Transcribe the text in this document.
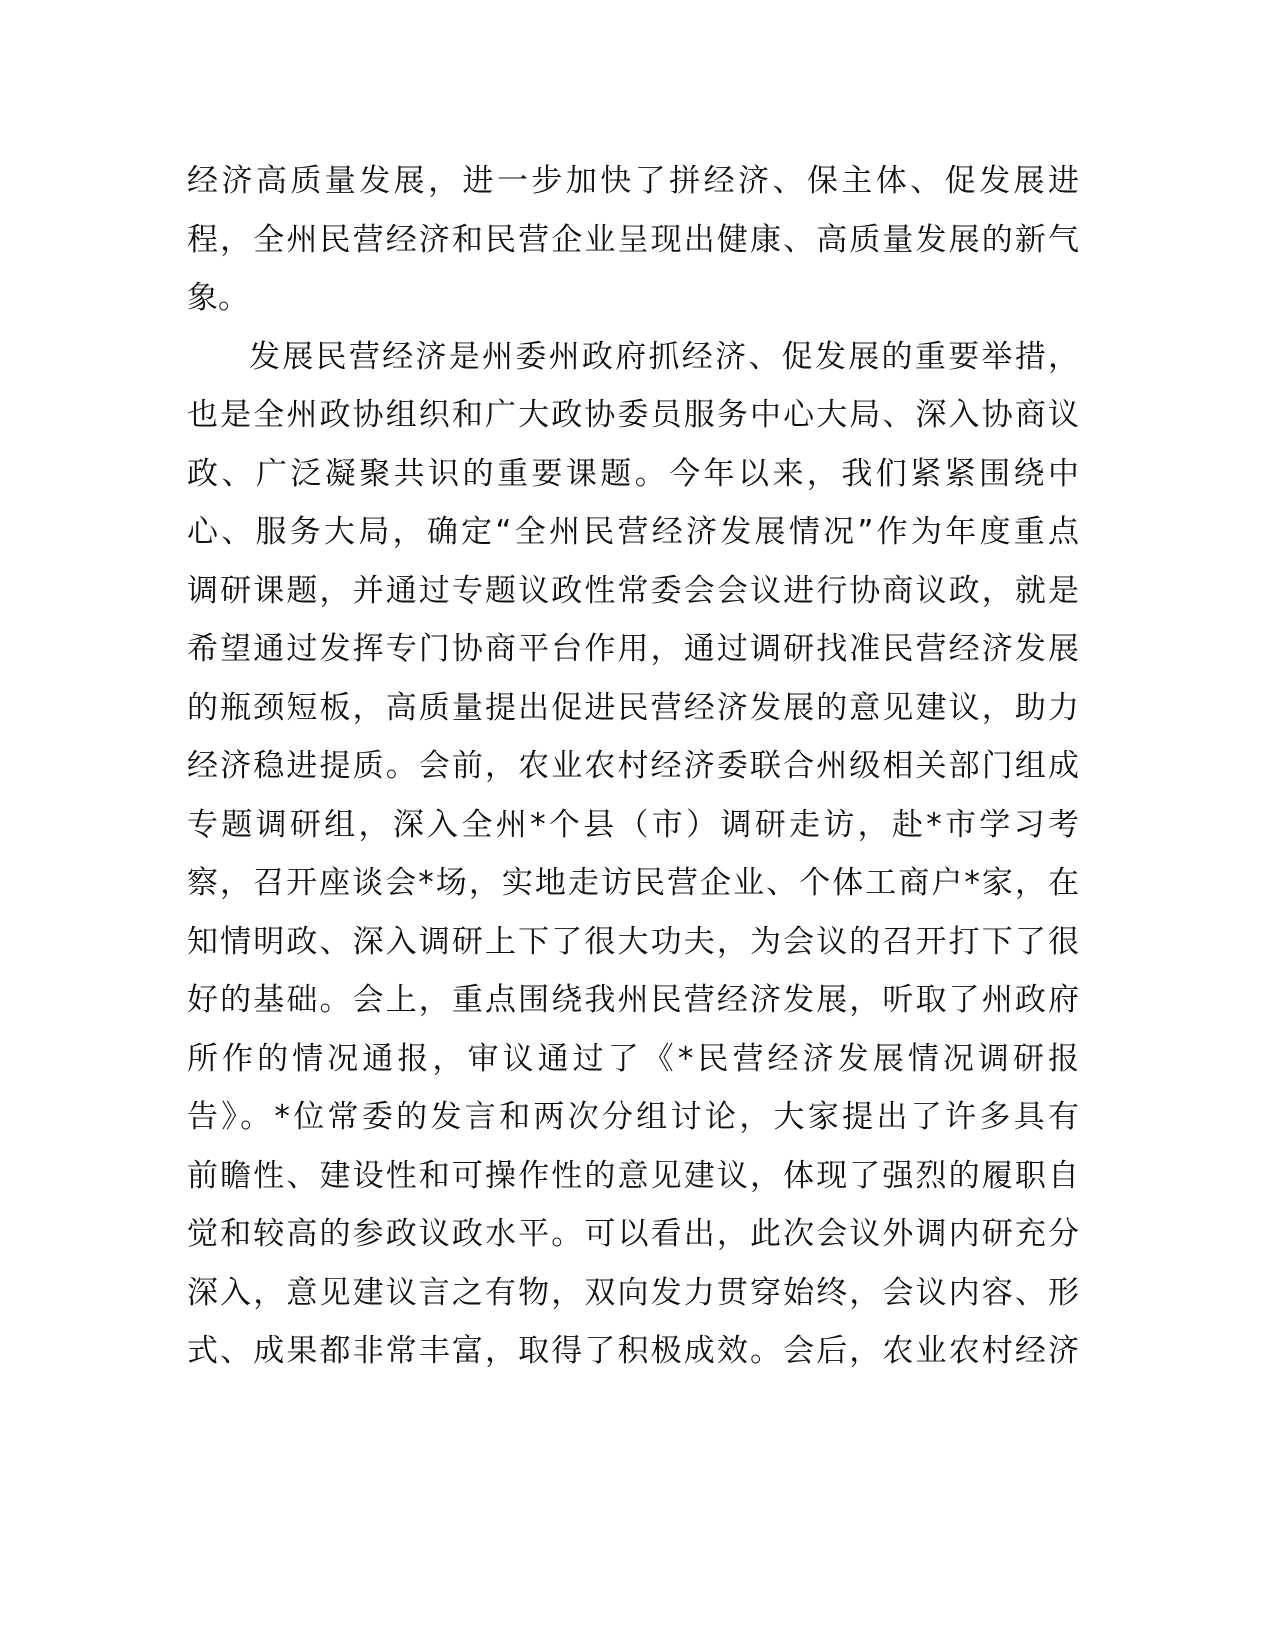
经济高质量发展，进一步加快了拼经济、保主体、促发展进
程，全州民营经济和民营企业呈现出健康、高质量发展的新气
象。
发展民营经济是州委州政府抓经济、促发展的重要举措，
也是全州政协组织和广大政协委员服务中心大局、深入协商议
政、广泛凝聚共识的重要课题。今年以来，我们紧紧围绕中
心、服务大局，确定“全州民营经济发展情况”作为年度重点
调研课题，并通过专题议政性常委会会议进行协商议政，就是
希望通过发挥专门协商平台作用，通过调研找准民营经济发展
的瓶颈短板，高质量提出促进民营经济发展的意见建议，助力
经济稳进提质。会前，农业农村经济委联合州级相关部门组成
专题调研组，深入全州*个县（市）调研走访，赴*市学习考
察，召开座谈会*场，实地走访民营企业、个体工商户*家，在
知情明政、深入调研上下了很大功夫，为会议的召开打下了很
好的基础。会上，重点围绕我州民营经济发展，听取了州政府
所作的情况通报，审议通过了《*民营经济发展情况调研报
告》。*位常委的发言和两次分组讨论，大家提出了许多具有
前瞻性、建设性和可操作性的意见建议，体现了强烈的履职自
觉和较高的参政议政水平。可以看出，此次会议外调内研充分
深入，意见建议言之有物，双向发力贯穿始终，会议内容、形
式、成果都非常丰富，取得了积极成效。会后，农业农村经济
